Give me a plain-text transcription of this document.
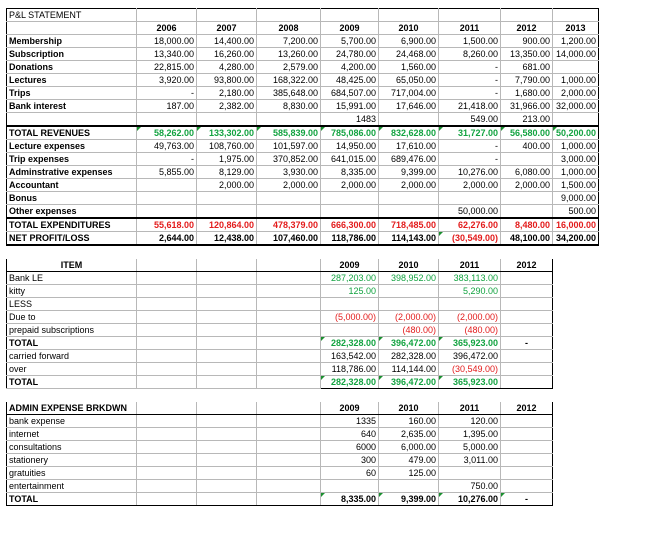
P&L STATEMENT								
	2006	2007	2008	2009	2010	2011	2012	2013
Membership	18,000.00	14,400.00	7,200.00	5,700.00	6,900.00	1,500.00	900.00	1,200.00
Subscription	13,340.00	16,260.00	13,260.00	24,780.00	24,468.00	8,260.00	13,350.00	14,000.00
Donations	22,815.00	4,280.00	2,579.00	4,200.00	1,560.00	-	681.00	
Lectures	3,920.00	93,800.00	168,322.00	48,425.00	65,050.00	-	7,790.00	1,000.00
Trips	-	2,180.00	385,648.00	684,507.00	717,004.00	-	1,680.00	2,000.00
Bank interest	187.00	2,382.00	8,830.00	15,991.00	17,646.00	21,418.00	31,966.00	32,000.00
				1483		549.00	213.00	
TOTAL REVENUES	58,262.00	133,302.00	585,839.00	785,086.00	832,628.00	31,727.00	56,580.00	50,200.00
Lecture expenses	49,763.00	108,760.00	101,597.00	14,950.00	17,610.00	-	400.00	1,000.00
Trip expenses	-	1,975.00	370,852.00	641,015.00	689,476.00	-		3,000.00
Adminstrative expenses	5,855.00	8,129.00	3,930.00	8,335.00	9,399.00	10,276.00	6,080.00	1,000.00
Accountant		2,000.00	2,000.00	2,000.00	2,000.00	2,000.00	2,000.00	1,500.00
Bonus								9,000.00
Other expenses						50,000.00		500.00
TOTAL EXPENDITURES	55,618.00	120,864.00	478,379.00	666,300.00	718,485.00	62,276.00	8,480.00	16,000.00
NET PROFIT/LOSS	2,644.00	12,438.00	107,460.00	118,786.00	114,143.00	(30,549.00)	48,100.00	34,200.00

ITEM				2009	2010	2011	2012	
Bank LE				287,203.00	398,952.00	383,113.00		
kitty				125.00		5,290.00		
LESS								
Due to				(5,000.00)	(2,000.00)	(2,000.00)		
prepaid subscriptions					(480.00)	(480.00)		
TOTAL				282,328.00	396,472.00	365,923.00	-	
carried forward				163,542.00	282,328.00	396,472.00		
over				118,786.00	114,144.00	(30,549.00)		
TOTAL				282,328.00	396,472.00	365,923.00		

ADMIN EXPENSE BRKDWN				2009	2010	2011	2012	
bank expense				1335	160.00	120.00		
internet				640	2,635.00	1,395.00		
consultations				6000	6,000.00	5,000.00		
stationery				300	479.00	3,011.00		
gratuities				60	125.00			
entertainment						750.00		
TOTAL				8,335.00	9,399.00	10,276.00	-	
